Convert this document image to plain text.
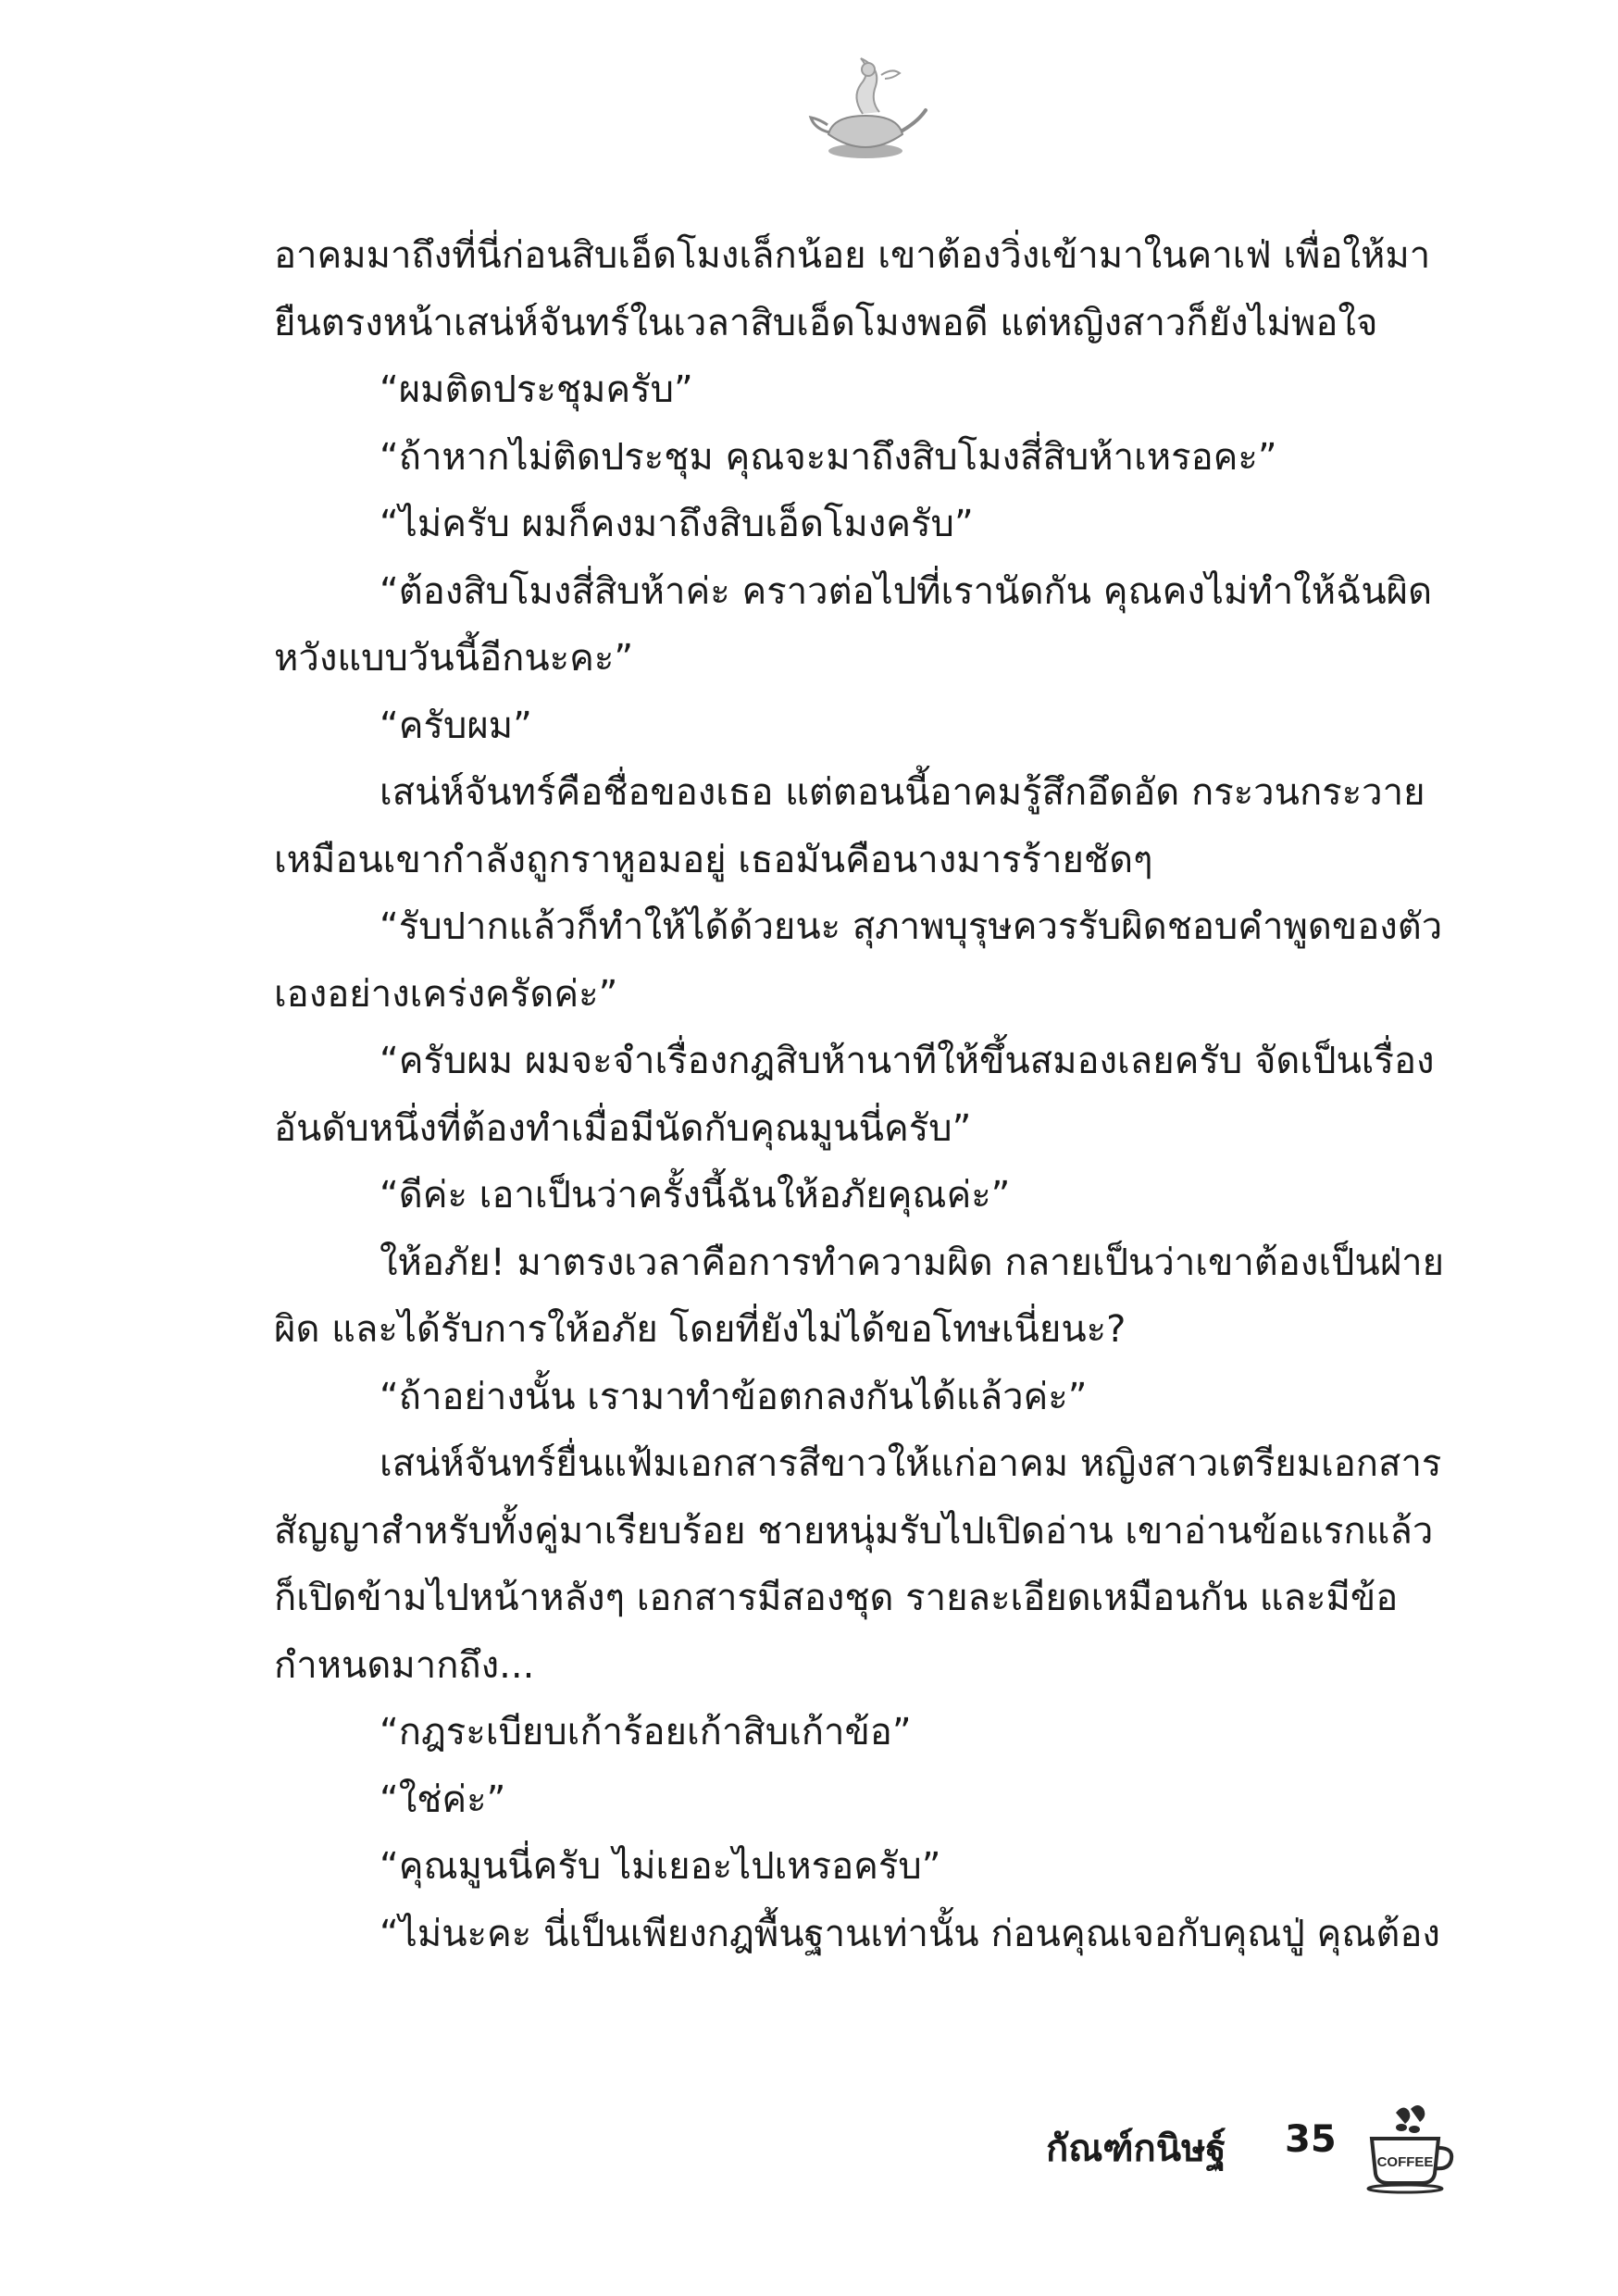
อาคมมาถึงที่นี่ก่อนสิบเอ็ดโมงเล็กน้อย เขาต้องวิ่งเข้ามาในคาเฟ่ เพื่อให้มายืนตรงหน้าเสน่ห์จันทร์ในเวลาสิบเอ็ดโมงพอดี แต่หญิงสาวก็ยังไม่พอใจ

“ผมติดประชุมครับ”

“ถ้าหากไม่ติดประชุม คุณจะมาถึงสิบโมงสี่สิบห้าเหรอคะ”

“ไม่ครับ ผมก็คงมาถึงสิบเอ็ดโมงครับ”

“ต้องสิบโมงสี่สิบห้าค่ะ คราวต่อไปที่เรานัดกัน คุณคงไม่ทำให้ฉันผิดหวังแบบวันนี้อีกนะคะ”

“ครับผม”

เสน่ห์จันทร์คือชื่อของเธอ แต่ตอนนี้อาคมรู้สึกอึดอัด กระวนกระวายเหมือนเขากำลังถูกราหูอมอยู่ เธอมันคือนางมารร้ายชัดๆ

“รับปากแล้วก็ทำให้ได้ด้วยนะ สุภาพบุรุษควรรับผิดชอบคำพูดของตัวเองอย่างเคร่งครัดค่ะ”

“ครับผม ผมจะจำเรื่องกฎสิบห้านาทีให้ขึ้นสมองเลยครับ จัดเป็นเรื่องอันดับหนึ่งที่ต้องทำเมื่อมีนัดกับคุณมูนนี่ครับ”

“ดีค่ะ เอาเป็นว่าครั้งนี้ฉันให้อภัยคุณค่ะ”

ให้อภัย! มาตรงเวลาคือการทำความผิด กลายเป็นว่าเขาต้องเป็นฝ่ายผิด และได้รับการให้อภัย โดยที่ยังไม่ได้ขอโทษเนี่ยนะ?

“ถ้าอย่างนั้น เรามาทำข้อตกลงกันได้แล้วค่ะ”

เสน่ห์จันทร์ยื่นแฟ้มเอกสารสีขาวให้แก่อาคม หญิงสาวเตรียมเอกสารสัญญาสำหรับทั้งคู่มาเรียบร้อย ชายหนุ่มรับไปเปิดอ่าน เขาอ่านข้อแรกแล้วก็เปิดข้ามไปหน้าหลังๆ เอกสารมีสองชุด รายละเอียดเหมือนกัน และมีข้อกำหนดมากถึง...

“กฎระเบียบเก้าร้อยเก้าสิบเก้าข้อ”

“ใช่ค่ะ”

“คุณมูนนี่ครับ ไม่เยอะไปเหรอครับ”

“ไม่นะคะ นี่เป็นเพียงกฎพื้นฐานเท่านั้น ก่อนคุณเจอกับคุณปู่ คุณต้อง

กัณฑ์กนิษฐ์ 35
COFFEE
